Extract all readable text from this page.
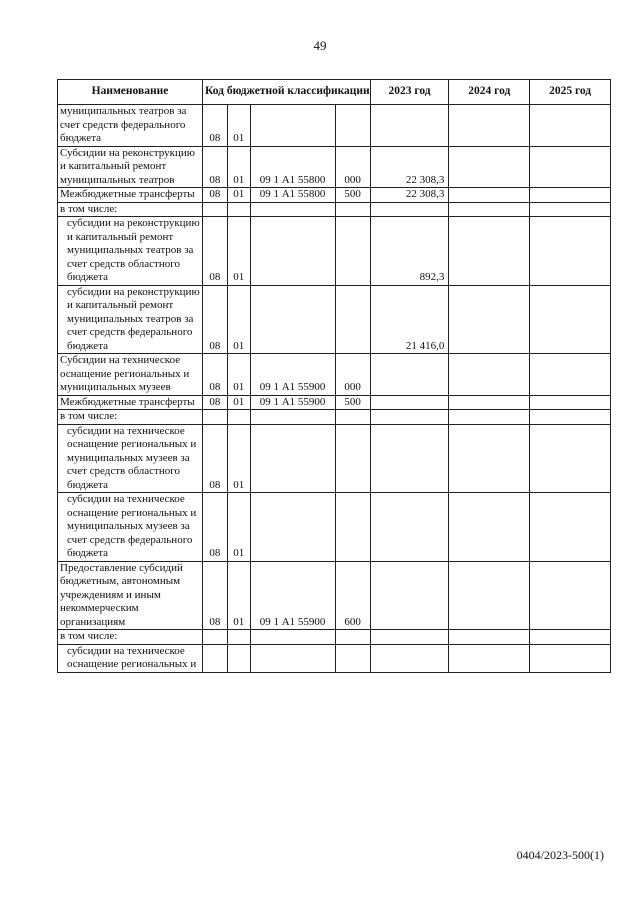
49
Наименование	Код бюджетной классификации				2023 год	2024 год	2025 год
муниципальных театров за счет средств федерального бюджета	08	01					
Субсидии на реконструкцию и капитальный ремонт муниципальных театров	08	01	09 1 А1 55800	000	22 308,3		
Межбюджетные трансферты	08	01	09 1 А1 55800	500	22 308,3		
в том числе:							
субсидии на реконструкцию и капитальный ремонт муниципальных театров за счет средств областного бюджета	08	01			892,3		
субсидии на реконструкцию и капитальный ремонт муниципальных театров за счет средств федерального бюджета	08	01			21 416,0		
Субсидии на техническое оснащение региональных и муниципальных музеев	08	01	09 1 А1 55900	000			
Межбюджетные трансферты	08	01	09 1 А1 55900	500			
в том числе:							
субсидии на техническое оснащение региональных и муниципальных музеев за счет средств областного бюджета	08	01					
субсидии на техническое оснащение региональных и муниципальных музеев за счет средств федерального бюджета	08	01					
Предоставление субсидий бюджетным, автономным учреждениям и иным некоммерческим организациям	08	01	09 1 А1 55900	600			
в том числе:							
субсидии на техническое оснащение региональных и							
0404/2023-500(1)
